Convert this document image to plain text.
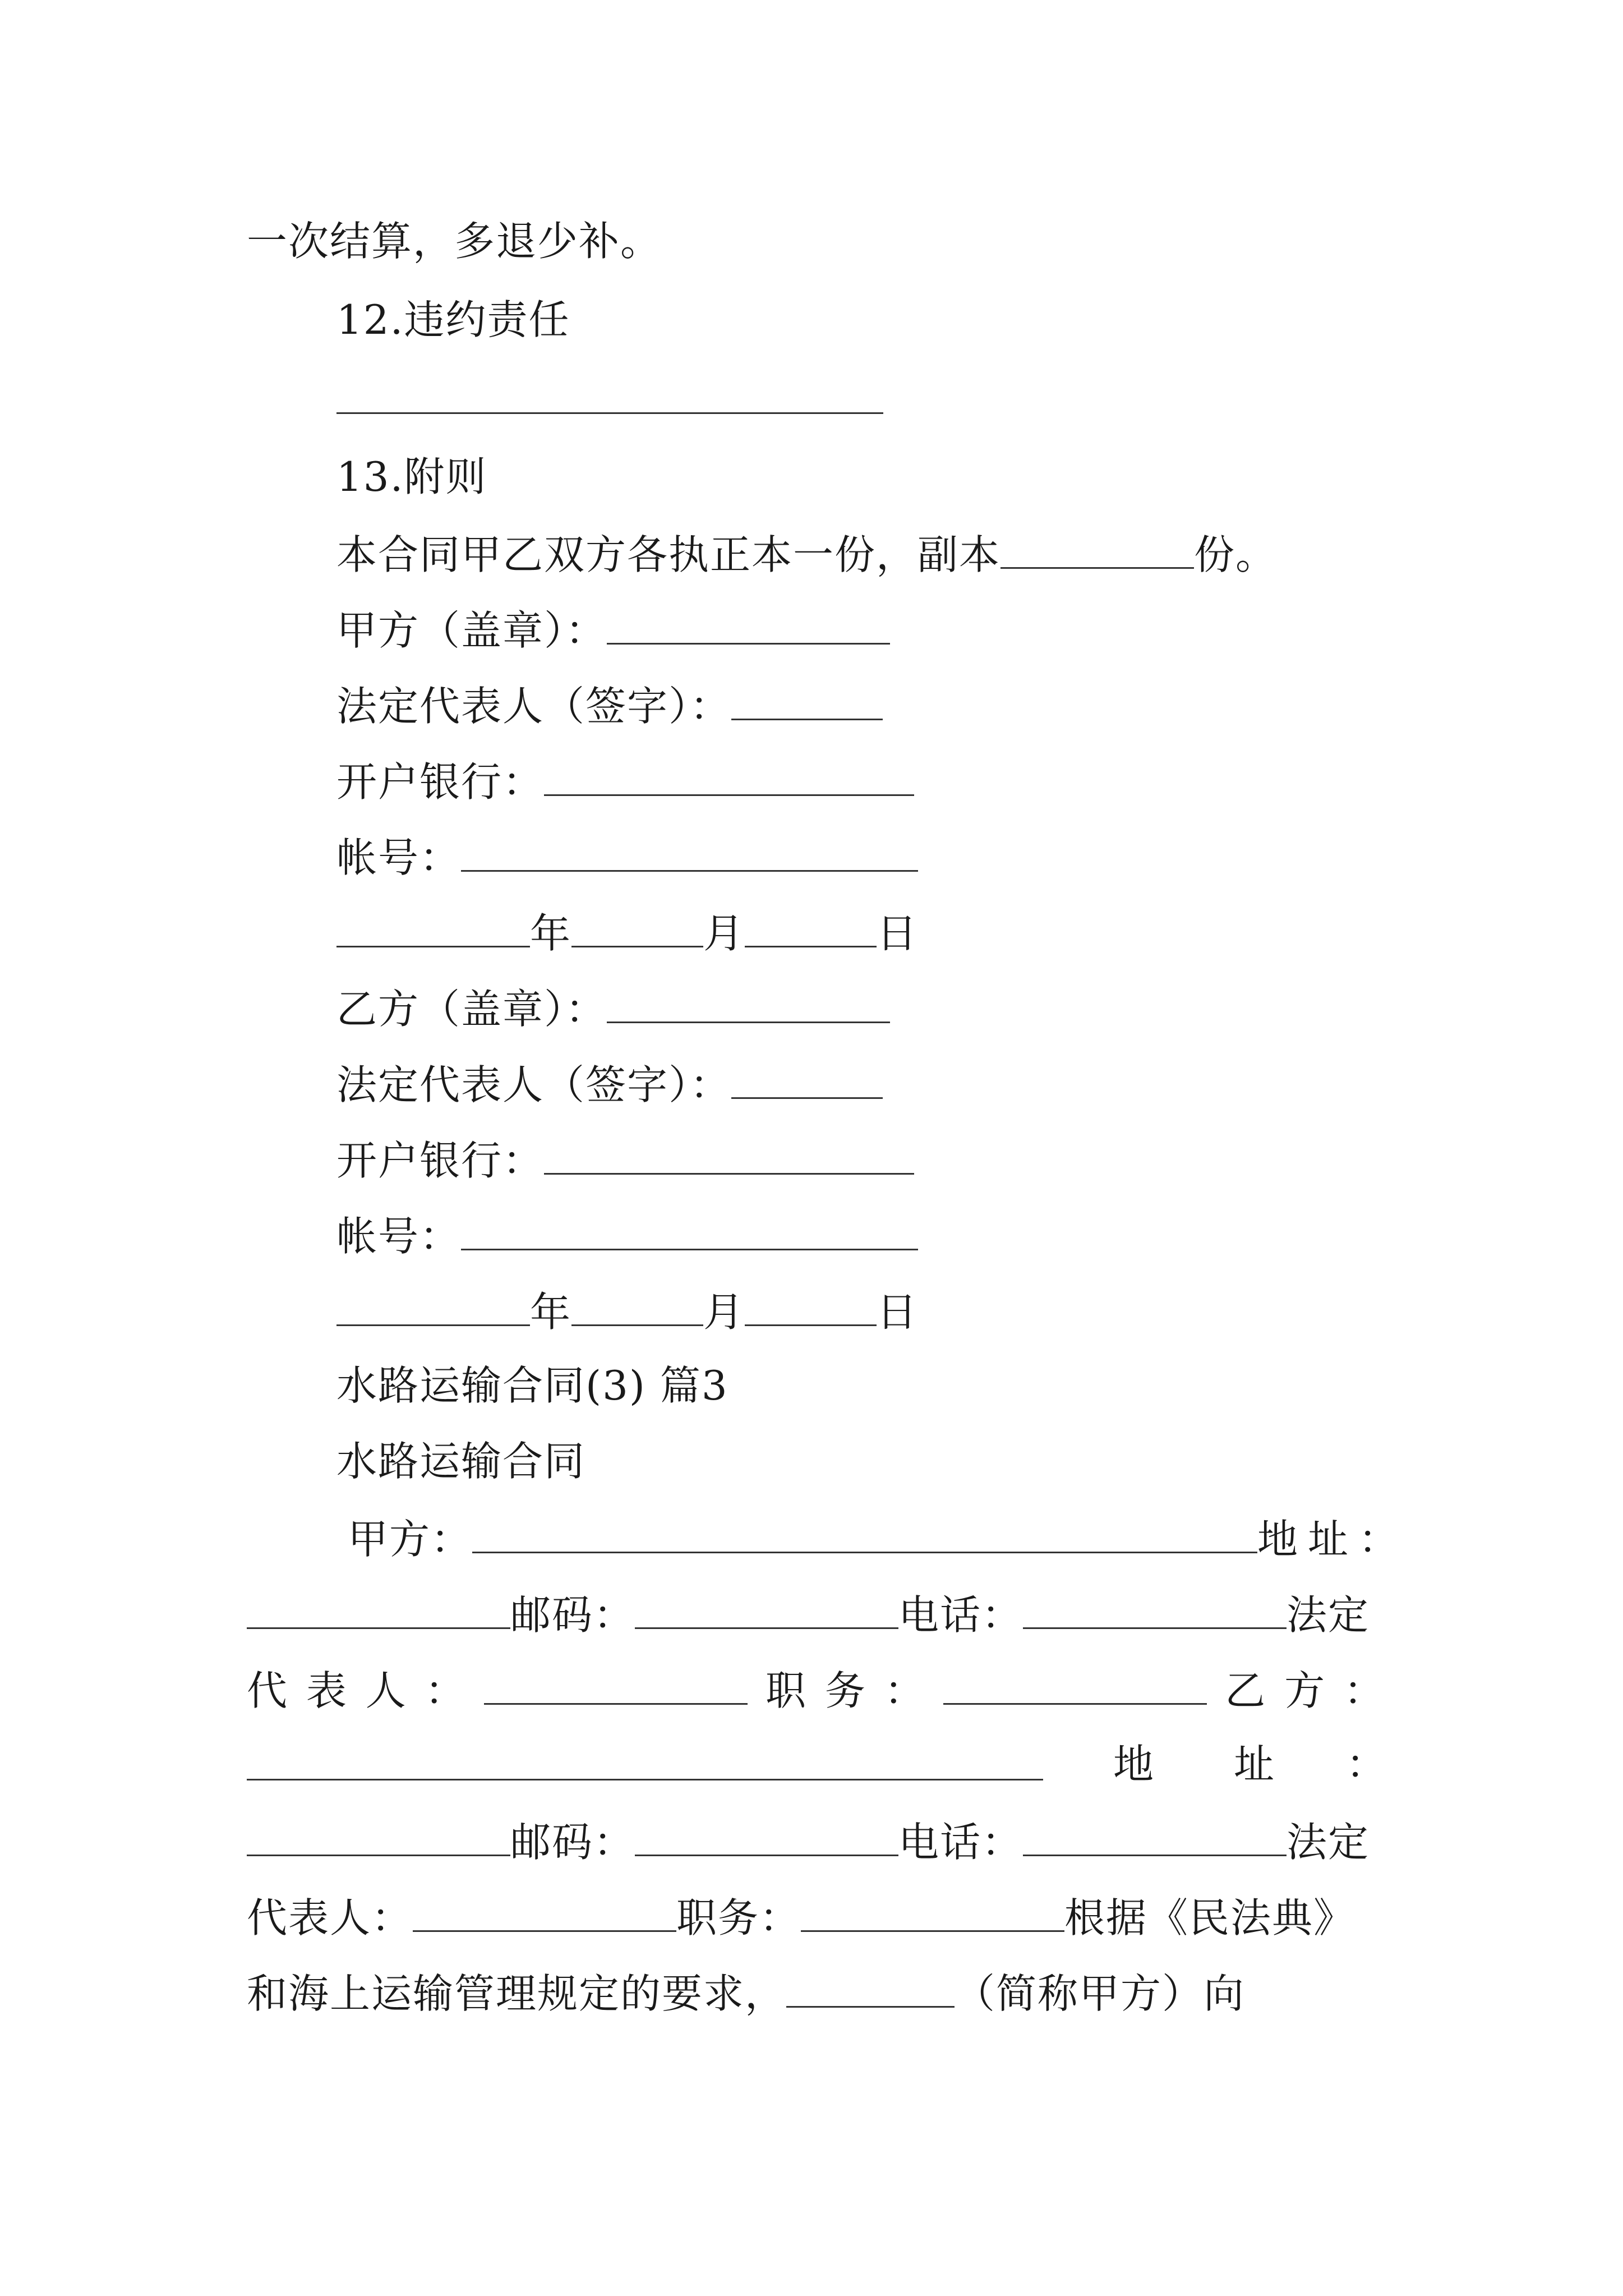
一次结算，多退少补。
12.违约责任
13.附则
本合同甲乙双方各执正本一份，副本	份。
甲方（盖章）：
法定代表人（签字）：
开户银行：
帐号：
年	月	日
乙方（盖章）：
法定代表人（签字）：
开户银行：
帐号：
年	月	日
水路运输合同(3) 篇3
水路运输合同
甲方：	地址：
邮码：	电话：	法定
代 表 人 ：	职 务 ：	乙 方 ：
地 址 ：
邮码：	电话：	法定
代表人：	职务：	根据《民法典》
和海上运输管理规定的要求，	（简称甲方）向
